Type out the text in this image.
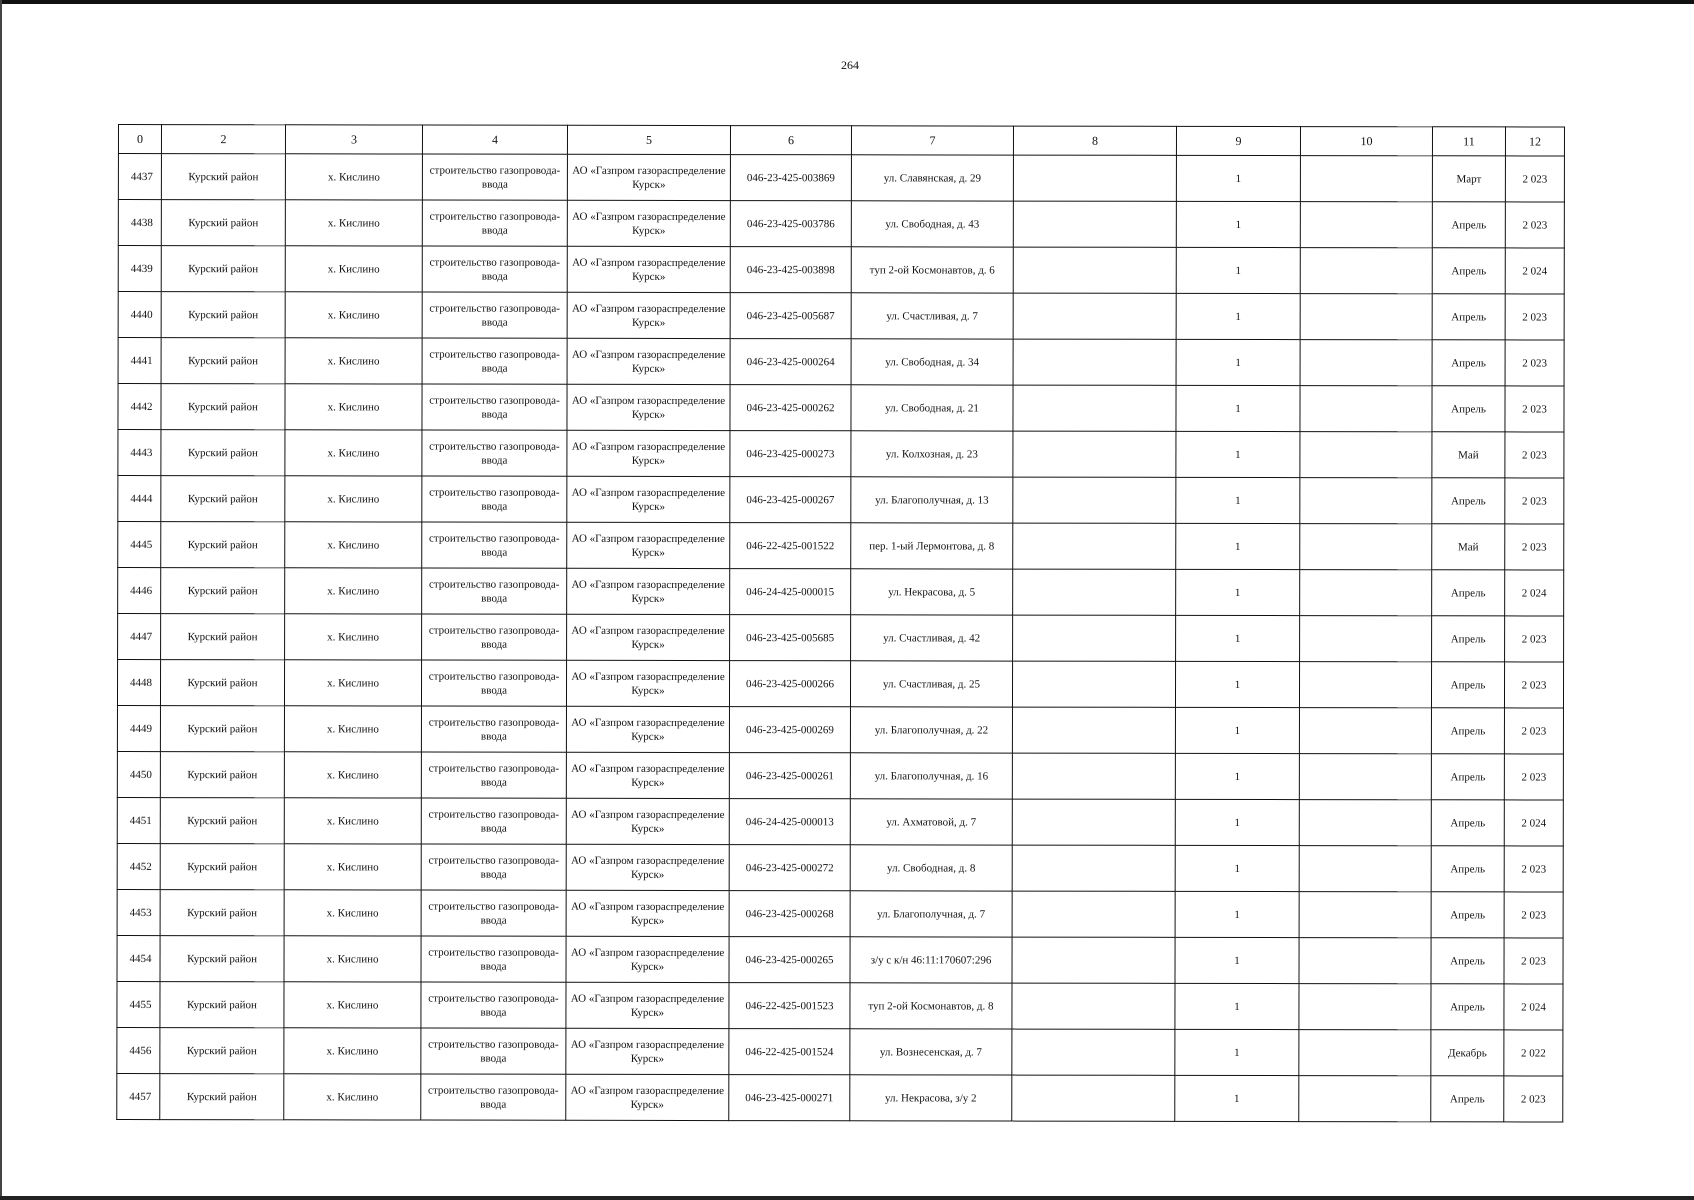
264
0	2	3	4	5	6	7	8	9	10	11	12
4437	Курский район	х. Кислино	строительство газопровода-ввода	АО «Газпром газораспределение Курск»	046-23-425-003869	ул. Славянская, д. 29		1		Март	2 023
4438	Курский район	х. Кислино	строительство газопровода-ввода	АО «Газпром газораспределение Курск»	046-23-425-003786	ул. Свободная, д. 43		1		Апрель	2 023
4439	Курский район	х. Кислино	строительство газопровода-ввода	АО «Газпром газораспределение Курск»	046-23-425-003898	туп 2-ой Космонавтов, д. 6		1		Апрель	2 024
4440	Курский район	х. Кислино	строительство газопровода-ввода	АО «Газпром газораспределение Курск»	046-23-425-005687	ул. Счастливая, д. 7		1		Апрель	2 023
4441	Курский район	х. Кислино	строительство газопровода-ввода	АО «Газпром газораспределение Курск»	046-23-425-000264	ул. Свободная, д. 34		1		Апрель	2 023
4442	Курский район	х. Кислино	строительство газопровода-ввода	АО «Газпром газораспределение Курск»	046-23-425-000262	ул. Свободная, д. 21		1		Апрель	2 023
4443	Курский район	х. Кислино	строительство газопровода-ввода	АО «Газпром газораспределение Курск»	046-23-425-000273	ул. Колхозная, д. 23		1		Май	2 023
4444	Курский район	х. Кислино	строительство газопровода-ввода	АО «Газпром газораспределение Курск»	046-23-425-000267	ул. Благополучная, д. 13		1		Апрель	2 023
4445	Курский район	х. Кислино	строительство газопровода-ввода	АО «Газпром газораспределение Курск»	046-22-425-001522	пер. 1-ый Лермонтова, д. 8		1		Май	2 023
4446	Курский район	х. Кислино	строительство газопровода-ввода	АО «Газпром газораспределение Курск»	046-24-425-000015	ул. Некрасова, д. 5		1		Апрель	2 024
4447	Курский район	х. Кислино	строительство газопровода-ввода	АО «Газпром газораспределение Курск»	046-23-425-005685	ул. Счастливая, д. 42		1		Апрель	2 023
4448	Курский район	х. Кислино	строительство газопровода-ввода	АО «Газпром газораспределение Курск»	046-23-425-000266	ул. Счастливая, д. 25		1		Апрель	2 023
4449	Курский район	х. Кислино	строительство газопровода-ввода	АО «Газпром газораспределение Курск»	046-23-425-000269	ул. Благополучная, д. 22		1		Апрель	2 023
4450	Курский район	х. Кислино	строительство газопровода-ввода	АО «Газпром газораспределение Курск»	046-23-425-000261	ул. Благополучная, д. 16		1		Апрель	2 023
4451	Курский район	х. Кислино	строительство газопровода-ввода	АО «Газпром газораспределение Курск»	046-24-425-000013	ул. Ахматовой, д. 7		1		Апрель	2 024
4452	Курский район	х. Кислино	строительство газопровода-ввода	АО «Газпром газораспределение Курск»	046-23-425-000272	ул. Свободная, д. 8		1		Апрель	2 023
4453	Курский район	х. Кислино	строительство газопровода-ввода	АО «Газпром газораспределение Курск»	046-23-425-000268	ул. Благополучная, д. 7		1		Апрель	2 023
4454	Курский район	х. Кислино	строительство газопровода-ввода	АО «Газпром газораспределение Курск»	046-23-425-000265	з/у с к/н 46:11:170607:296		1		Апрель	2 023
4455	Курский район	х. Кислино	строительство газопровода-ввода	АО «Газпром газораспределение Курск»	046-22-425-001523	туп 2-ой Космонавтов, д. 8		1		Апрель	2 024
4456	Курский район	х. Кислино	строительство газопровода-ввода	АО «Газпром газораспределение Курск»	046-22-425-001524	ул. Вознесенская, д. 7		1		Декабрь	2 022
4457	Курский район	х. Кислино	строительство газопровода-ввода	АО «Газпром газораспределение Курск»	046-23-425-000271	ул. Некрасова, з/у 2		1		Апрель	2 023
